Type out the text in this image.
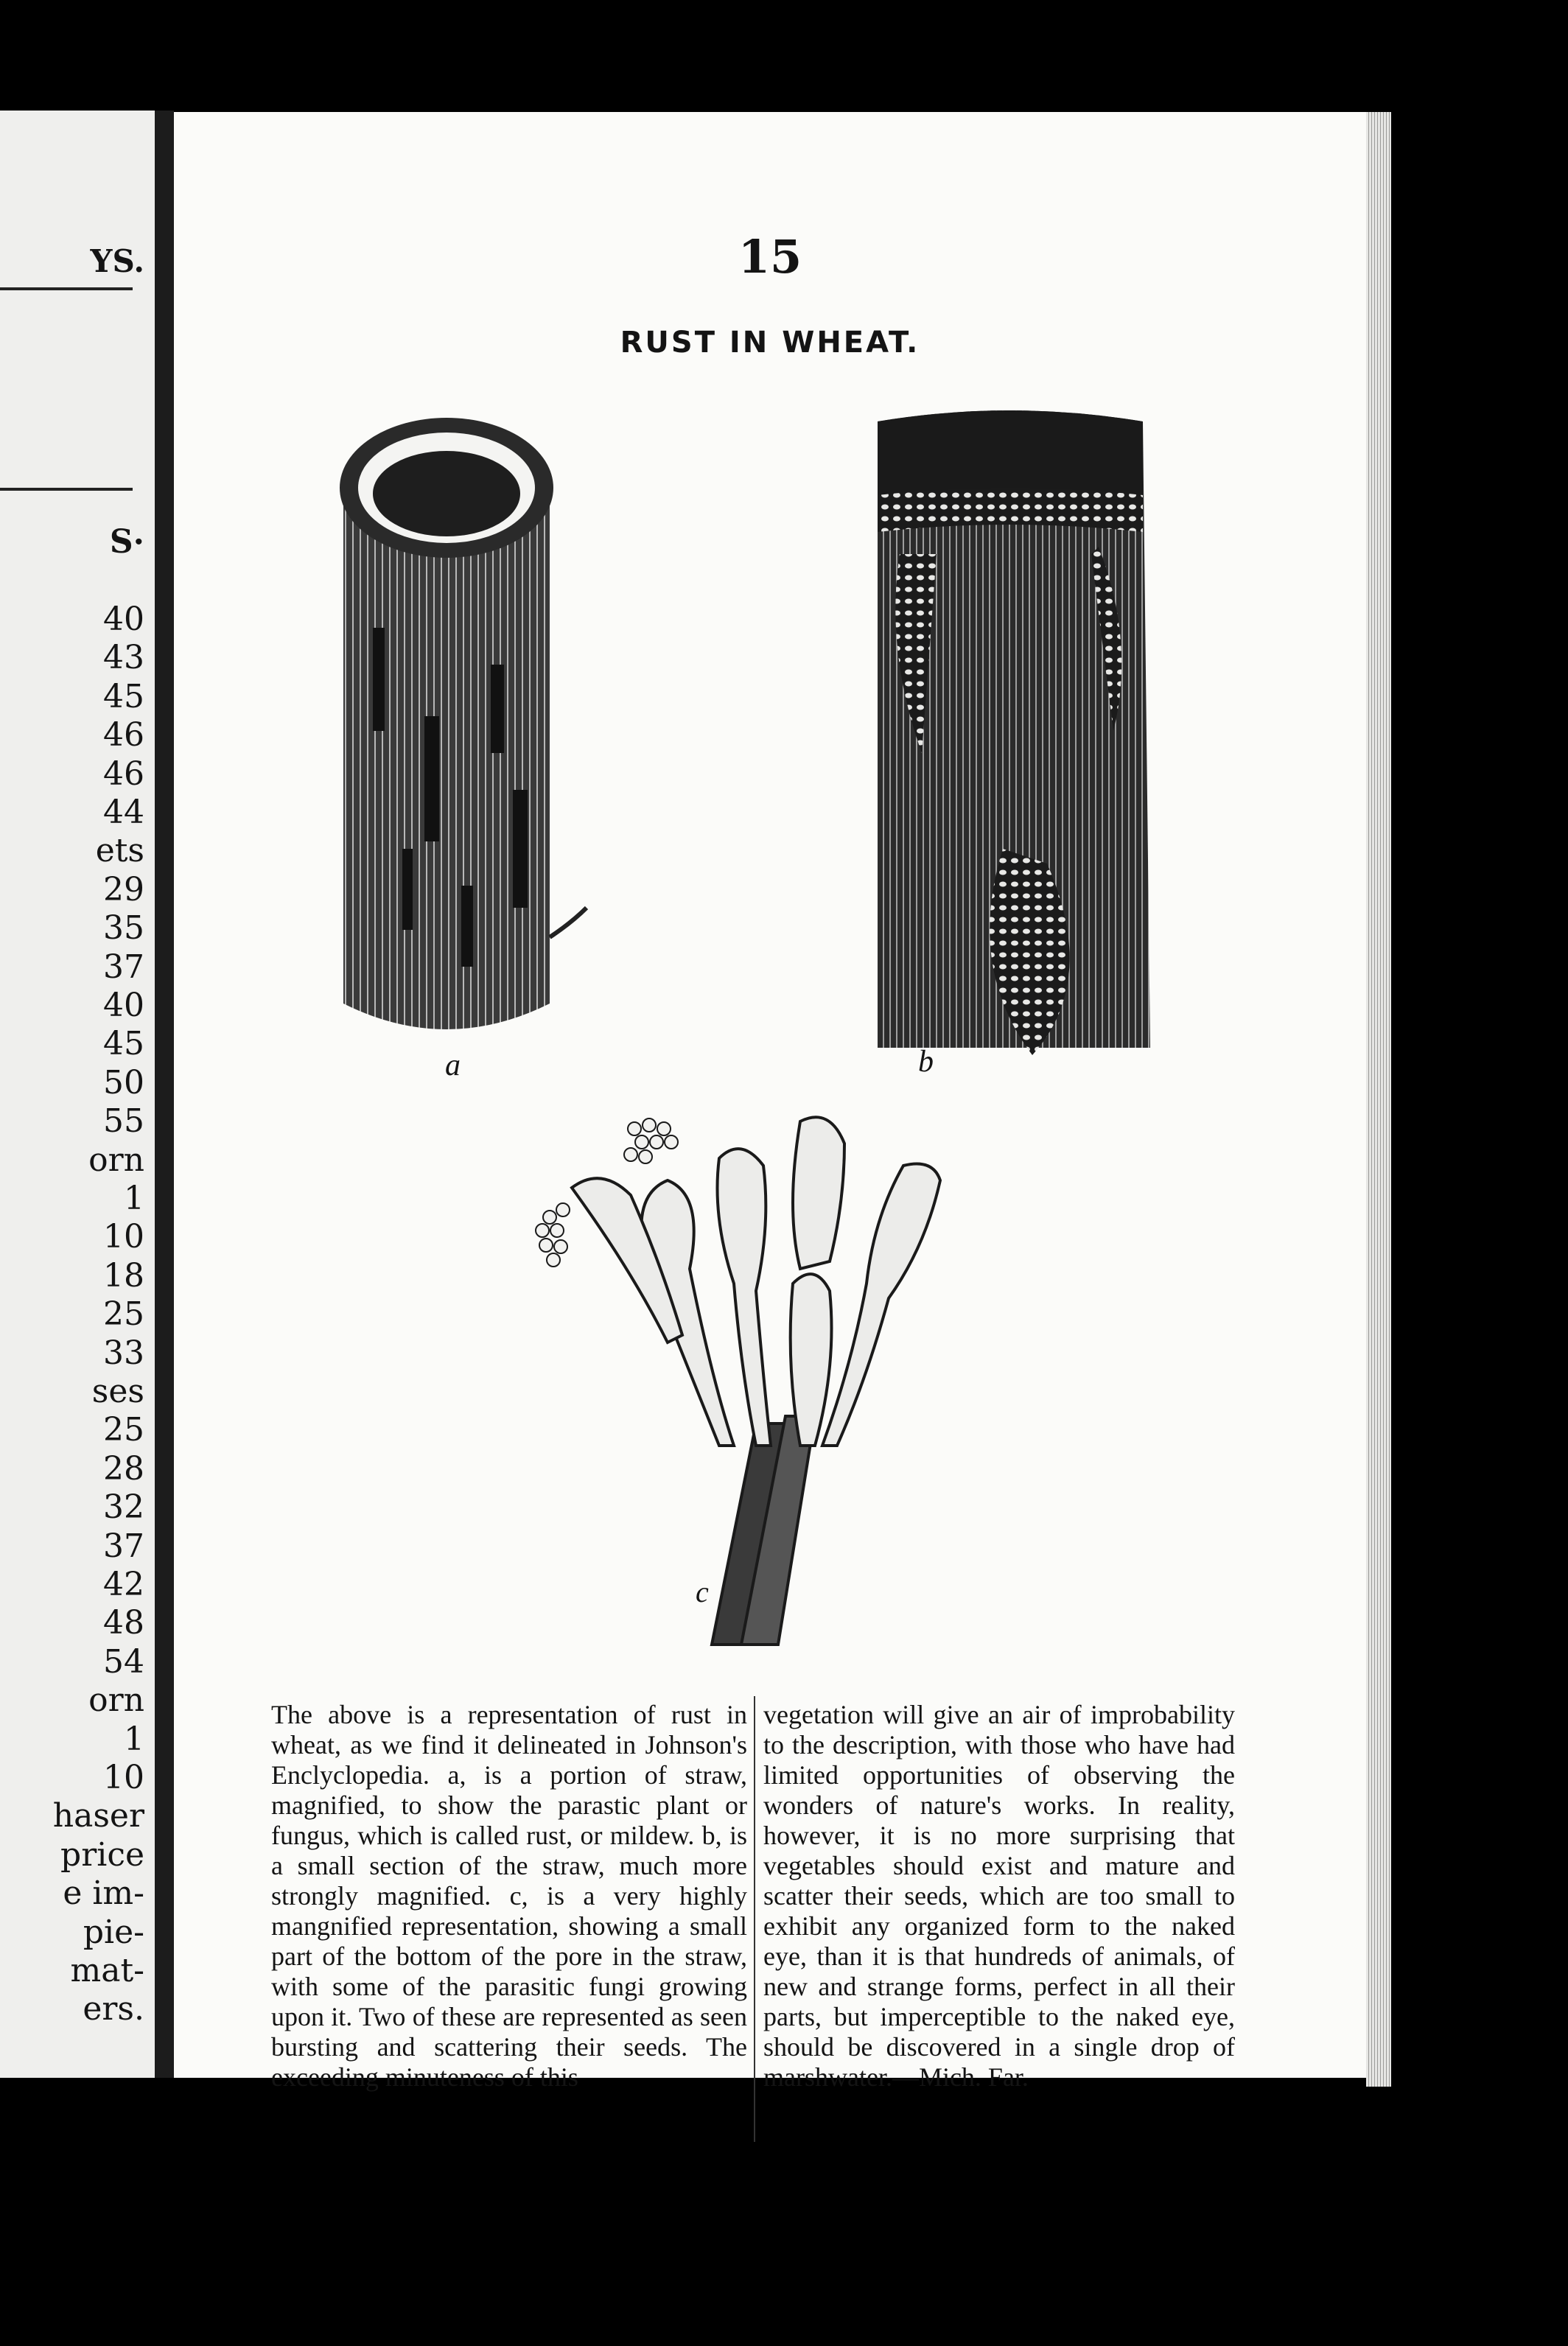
YS.
S·
40
43
45
46
46
44
ets
29
35
37
40
45
50
55
orn
1
10
18
25
33
ses
25
28
32
37
42
48
54
orn
1
10
haser
price
e im-
pie-
mat-
ers.
15
RUST IN WHEAT.
a	b
c

The above is a representation of rust in wheat, as we find it delineated in Johnson's Enclyclopedia. a, is a portion of straw, magnified, to show the parastic plant or fungus, which is called rust, or mildew. b, is a small section of the straw, much more strongly magnified. c, is a very highly mangnified representation, showing a small part of the bottom of the pore in the straw, with some of the parasitic fungi growing upon it. Two of these are represented as seen bursting and scattering their seeds. The exceeding minuteness of this

vegetation will give an air of improbability to the description, with those who have had limited opportunities of observing the wonders of nature's works. In reality, however, it is no more surprising that vegetables should exist and mature and scatter their seeds, which are too small to exhibit any organized form to the naked eye, than it is that hundreds of animals, of new and strange forms, perfect in all their parts, but imperceptible to the naked eye, should be discovered in a single drop of marshwater.—Mich. Far.
